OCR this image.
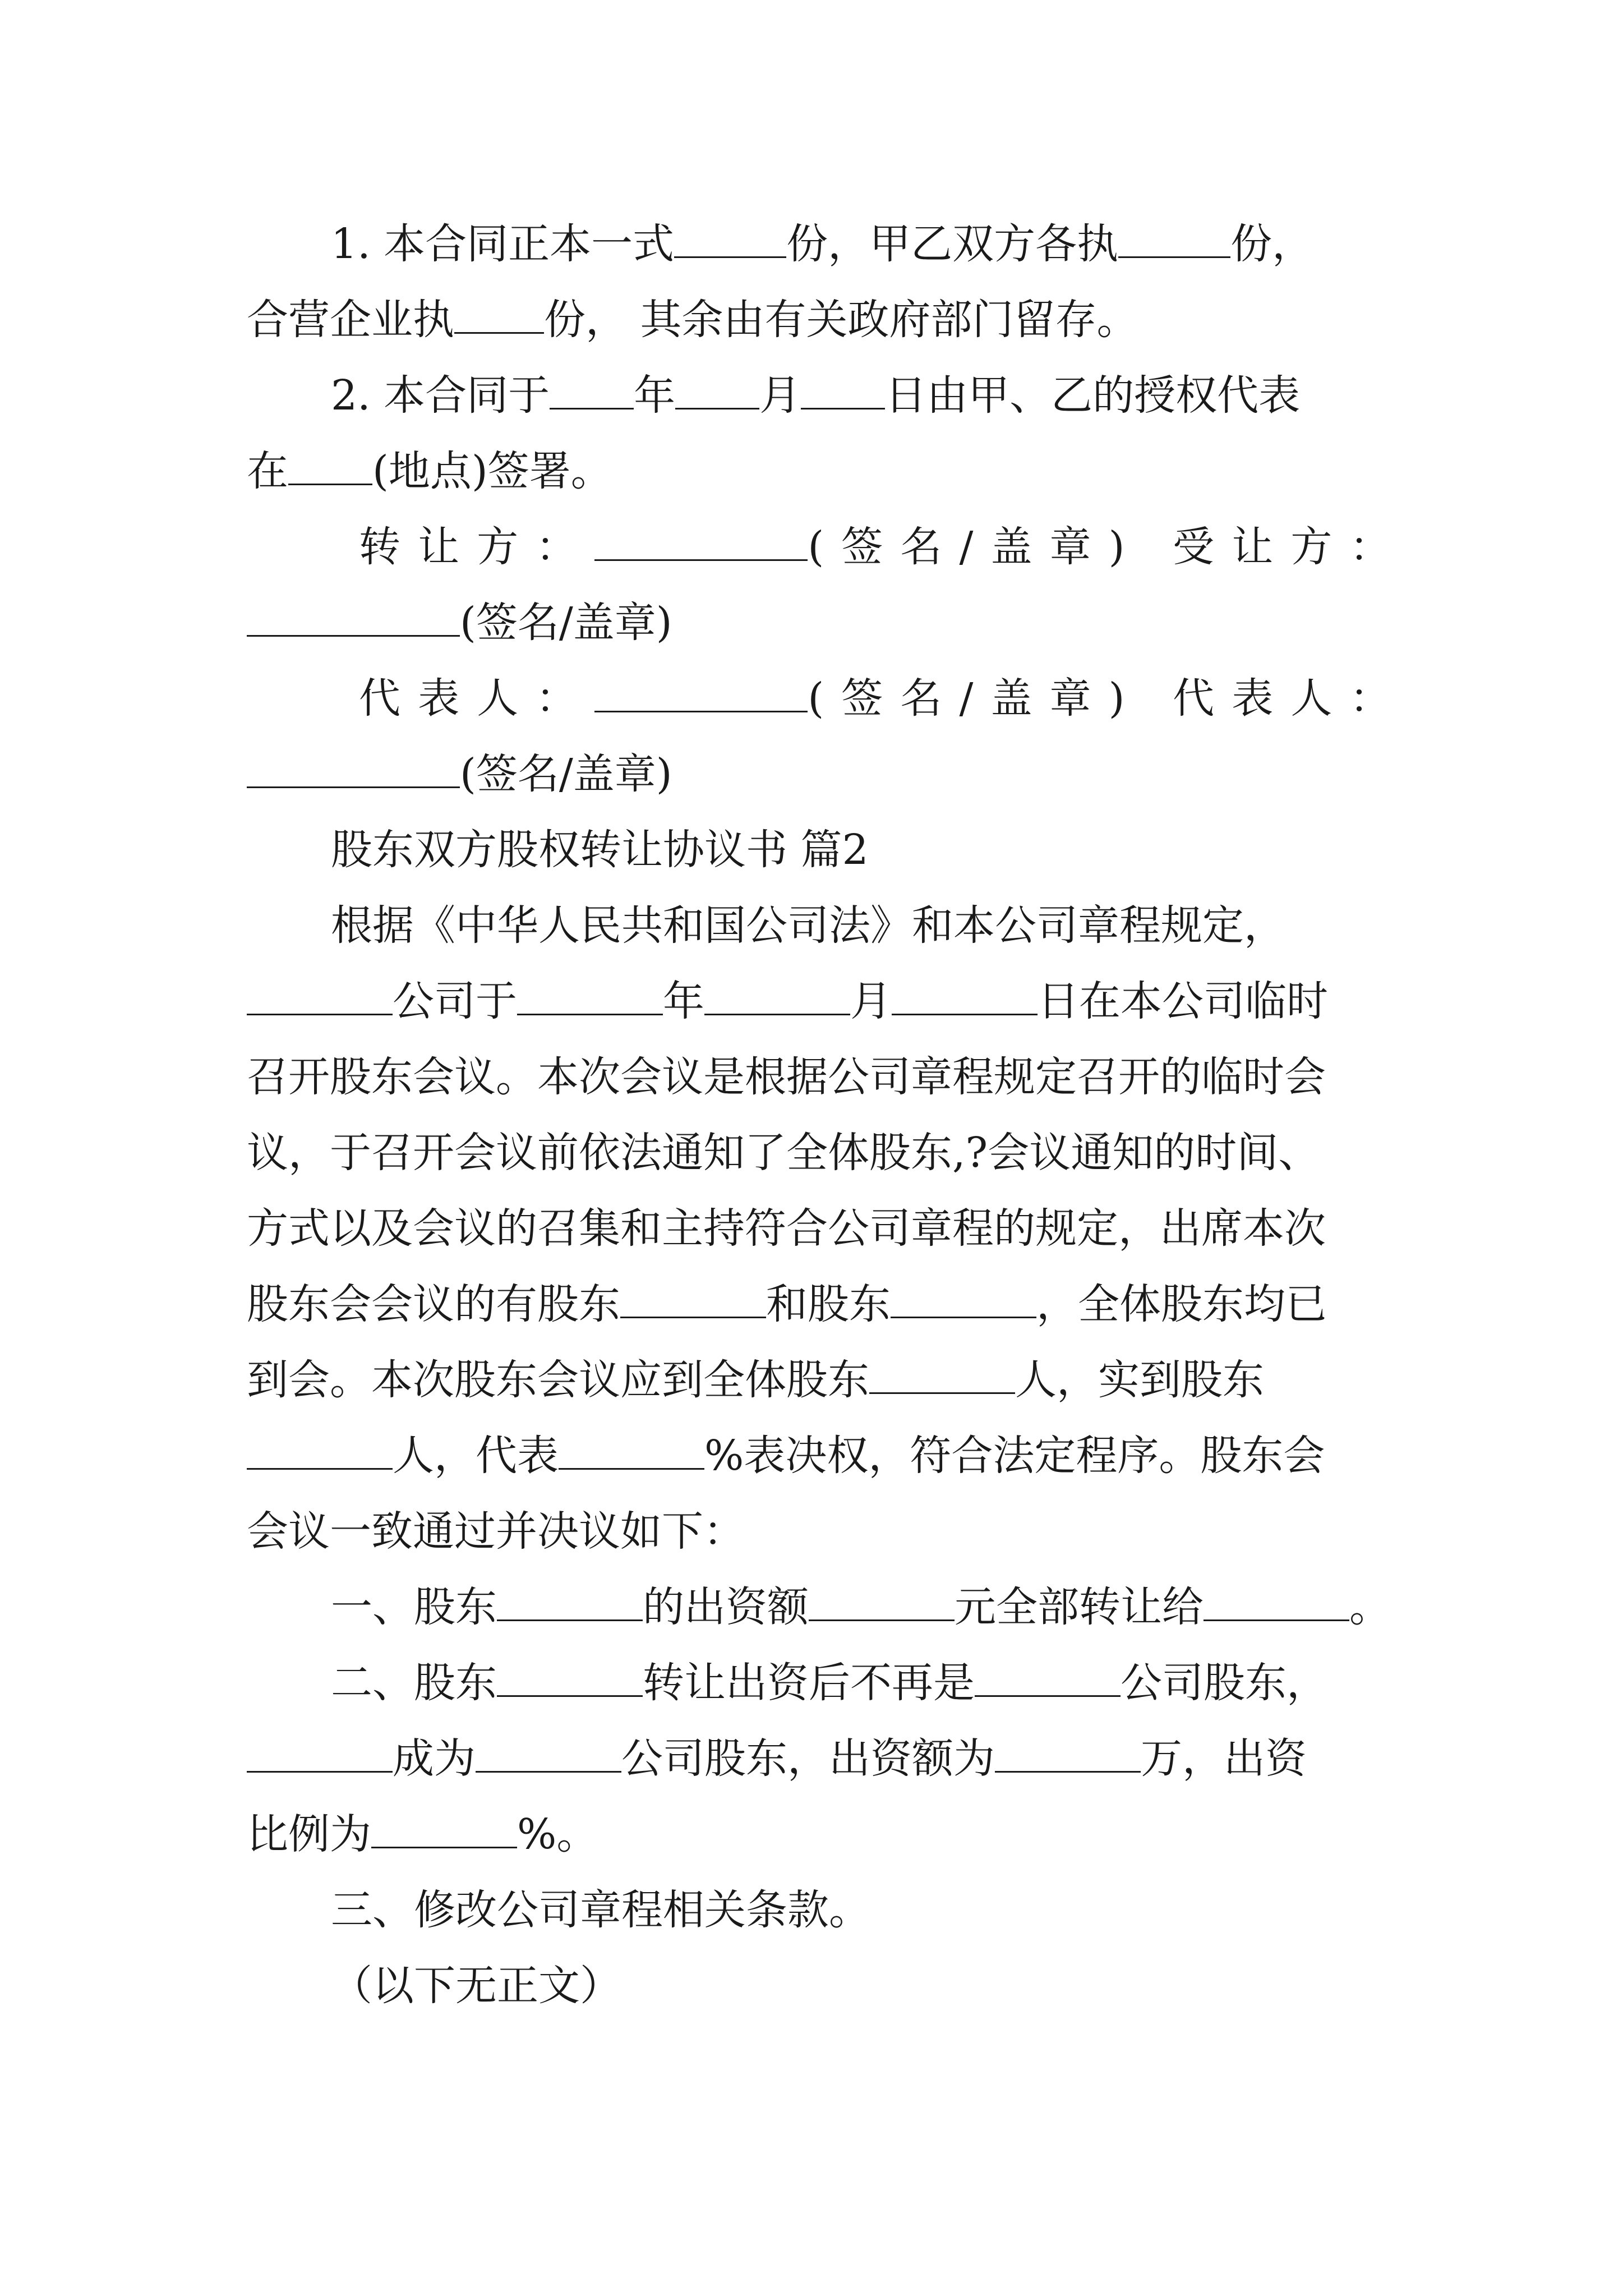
1. 本合同正本一式	份，甲乙双方各执	份，
合营企业执 份， 其余由有关政府部门留存。
2. 本合同于 年 月 日由甲、乙的授权代表
在 (地点)签署。
转让方：	(签名/盖章) 受让方：
(签名/盖章)
代表人：	(签名/盖章) 代表人：
(签名/盖章)
股东双方股权转让协议书 篇2
根据《中华人民共和国公司法》和本公司章程规定，
公司于	年	月	日在本公司临时
召开股东会议。本次会议是根据公司章程规定召开的临时会
议，于召开会议前依法通知了全体股东,?会议通知的时间、
方式以及会议的召集和主持符合公司章程的规定，出席本次
股东会会议的有股东	和股东	，全体股东均已
到会。本次股东会议应到全体股东	人，实到股东
人，代表	%表决权，符合法定程序。股东会
会议一致通过并决议如下：
一、股东	的出资额	元全部转让给	。
二、股东	转让出资后不再是	公司股东，
成为	公司股东，出资额为	万，出资
比例为	%。
三、修改公司章程相关条款。
（以下无正文）
